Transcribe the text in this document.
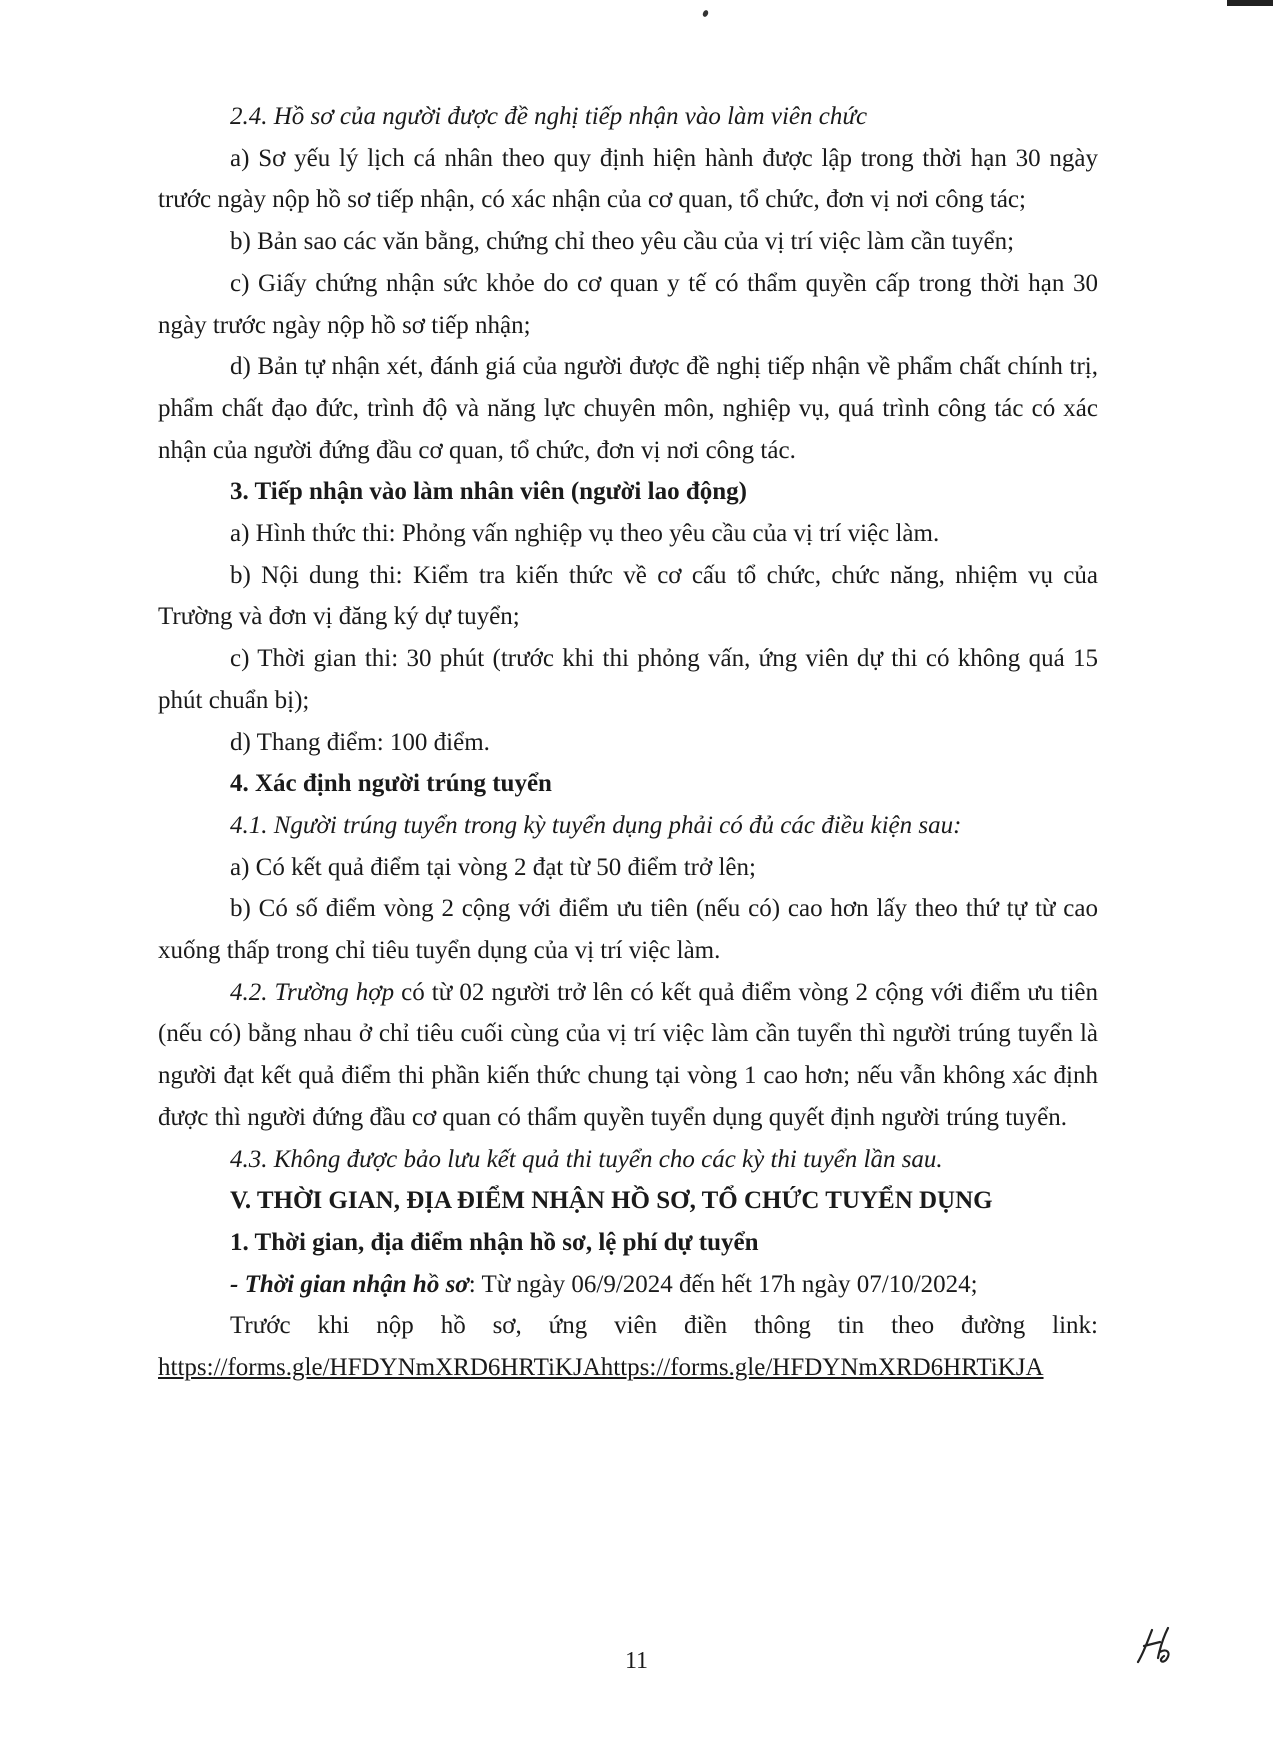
2.4. Hồ sơ của người được đề nghị tiếp nhận vào làm viên chức

a) Sơ yếu lý lịch cá nhân theo quy định hiện hành được lập trong thời hạn 30 ngày trước ngày nộp hồ sơ tiếp nhận, có xác nhận của cơ quan, tổ chức, đơn vị nơi công tác;

b) Bản sao các văn bằng, chứng chỉ theo yêu cầu của vị trí việc làm cần tuyển;

c) Giấy chứng nhận sức khỏe do cơ quan y tế có thẩm quyền cấp trong thời hạn 30 ngày trước ngày nộp hồ sơ tiếp nhận;

d) Bản tự nhận xét, đánh giá của người được đề nghị tiếp nhận về phẩm chất chính trị, phẩm chất đạo đức, trình độ và năng lực chuyên môn, nghiệp vụ, quá trình công tác có xác nhận của người đứng đầu cơ quan, tổ chức, đơn vị nơi công tác.

3. Tiếp nhận vào làm nhân viên (người lao động)

a) Hình thức thi: Phỏng vấn nghiệp vụ theo yêu cầu của vị trí việc làm.

b) Nội dung thi: Kiểm tra kiến thức về cơ cấu tổ chức, chức năng, nhiệm vụ của Trường và đơn vị đăng ký dự tuyển;

c) Thời gian thi: 30 phút (trước khi thi phỏng vấn, ứng viên dự thi có không quá 15 phút chuẩn bị);

d) Thang điểm: 100 điểm.

4. Xác định người trúng tuyển

4.1. Người trúng tuyển trong kỳ tuyển dụng phải có đủ các điều kiện sau:

a) Có kết quả điểm tại vòng 2 đạt từ 50 điểm trở lên;

b) Có số điểm vòng 2 cộng với điểm ưu tiên (nếu có) cao hơn lấy theo thứ tự từ cao xuống thấp trong chỉ tiêu tuyển dụng của vị trí việc làm.

4.2. Trường hợp có từ 02 người trở lên có kết quả điểm vòng 2 cộng với điểm ưu tiên (nếu có) bằng nhau ở chỉ tiêu cuối cùng của vị trí việc làm cần tuyển thì người trúng tuyển là người đạt kết quả điểm thi phần kiến thức chung tại vòng 1 cao hơn; nếu vẫn không xác định được thì người đứng đầu cơ quan có thẩm quyền tuyển dụng quyết định người trúng tuyển.

4.3. Không được bảo lưu kết quả thi tuyển cho các kỳ thi tuyển lần sau.

V. THỜI GIAN, ĐỊA ĐIỂM NHẬN HỒ SƠ, TỔ CHỨC TUYỂN DỤNG

1. Thời gian, địa điểm nhận hồ sơ, lệ phí dự tuyển

- Thời gian nhận hồ sơ: Từ ngày 06/9/2024 đến hết 17h ngày 07/10/2024;

Trước khi nộp hồ sơ, ứng viên điền thông tin theo đường link:

https://forms.gle/HFDYNmXRD6HRTiKJAhttps://forms.gle/HFDYNmXRD6HRTiKJA

11
